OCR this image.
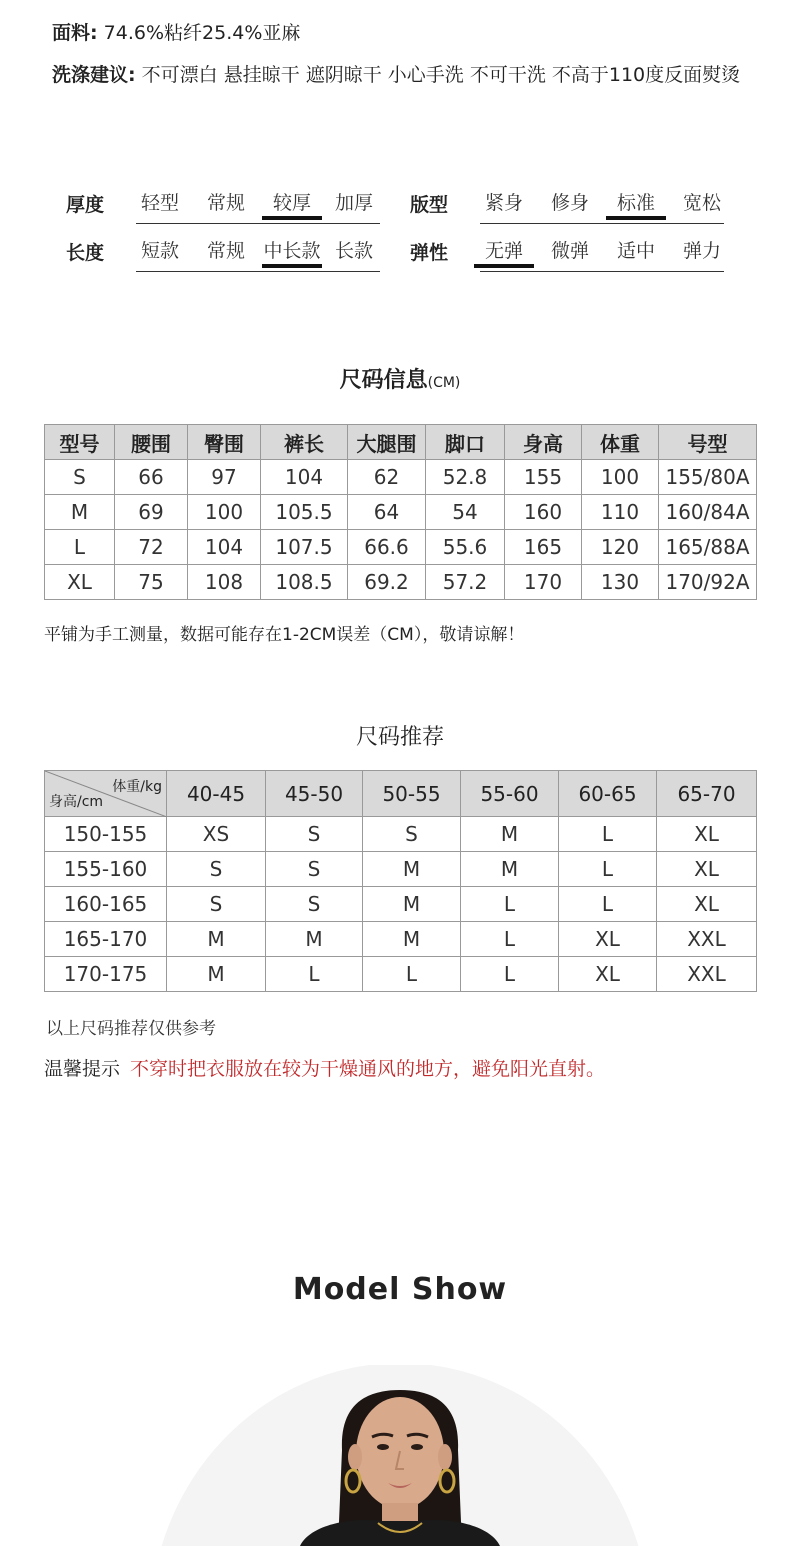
面料: 74.6%粘纤25.4%亚麻
洗涤建议: 不可漂白 悬挂晾干 遮阴晾干 小心手洗 不可干洗 不高于110度反面熨烫
厚度	轻型	常规	较厚	加厚	版型	紧身	修身	标准	宽松
长度	短款	常规 中长款 长款	弹性	无弹	微弹	适中	弹力
尺码信息(CM)
型号	腰围	臀围	裤长	大腿围	脚口	身高	体重	号型
S	66	97	104	62	52.8	155	100	155/80A
M	69	100	105.5	64	54	160	110	160/84A
L	72	104	107.5	66.6	55.6	165	120	165/88A
XL	75	108	108.5	69.2	57.2	170	130	170/92A
平铺为手工测量，数据可能存在1-2CM误差（CM），敬请谅解！
尺码推荐
体重/kg
身高/cm	40-45	45-50	50-55	55-60	60-65	65-70
150-155	XS	S	S	M	L	XL
155-160	S	S	M	M	L	XL
160-165	S	S	M	L	L	XL
165-170	M	M	M	L	XL	XXL
170-175	M	L	L	L	XL	XXL
以上尺码推荐仅供参考
温馨提示 不穿时把衣服放在较为干燥通风的地方，避免阳光直射。
Model Show
